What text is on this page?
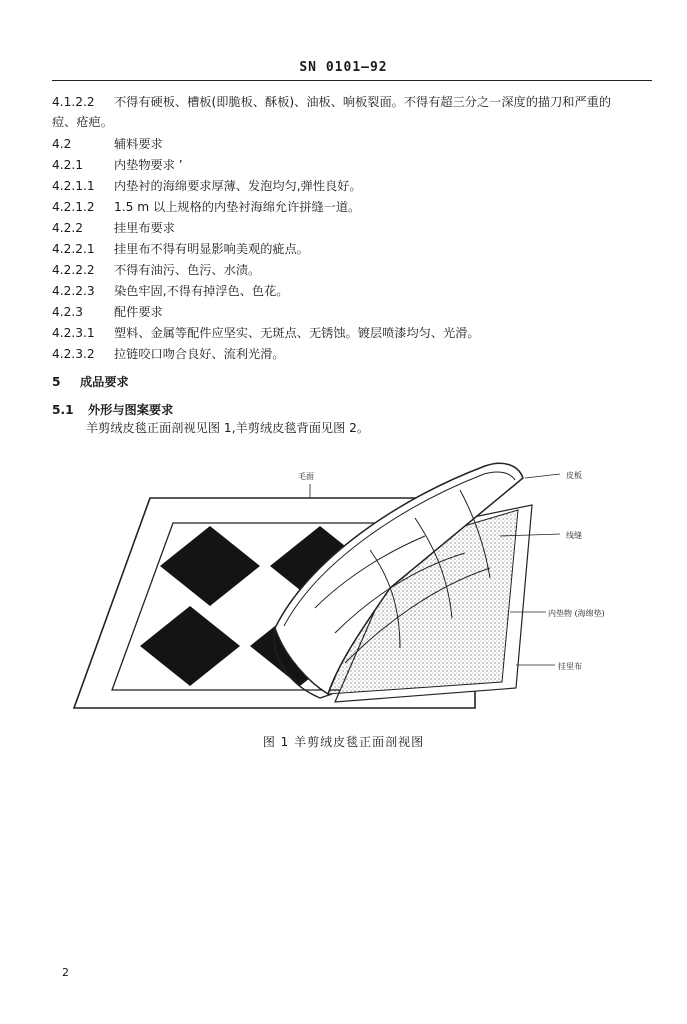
SN 0101—92
4.1.2.2 不得有硬板、槽板(即脆板、酥板)、油板、响板裂面。不得有超三分之一深度的描刀和严重的
痘、疮疤。
4.2	辅料要求
4.2.1	内垫物要求 ’
4.2.1.1 内垫衬的海绵要求厚薄、发泡均匀,弹性良好。
4.2.1.2 1.5 m 以上规格的内垫衬海绵允许拼缝一道。
4.2.2	挂里布要求
4.2.2.1 挂里布不得有明显影响美观的疵点。
4.2.2.2 不得有油污、色污、水渍。
4.2.2.3 染色牢固,不得有掉浮色、色花。
4.2.3	配件要求
4.2.3.1 塑料、金属等配件应坚实、无斑点、无锈蚀。镀层喷漆均匀、光滑。
4.2.3.2 拉链咬口吻合良好、流利光滑。
5 成品要求
5.1 外形与图案要求
羊剪绒皮毯正面剖视见图 1,羊剪绒皮毯背面见图 2。
毛面	皮板
线缝
内垫物 (海绵垫)
挂里布
图 1 羊剪绒皮毯正面剖视图
2
